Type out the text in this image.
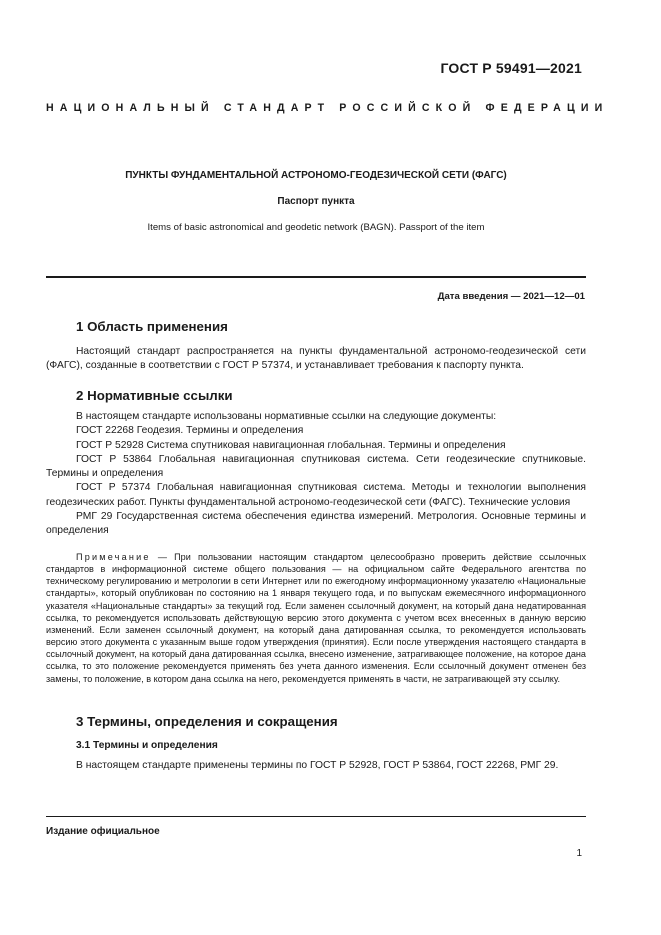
ГОСТ Р 59491—2021
НАЦИОНАЛЬНЫЙ СТАНДАРТ РОССИЙСКОЙ ФЕДЕРАЦИИ
ПУНКТЫ ФУНДАМЕНТАЛЬНОЙ АСТРОНОМО-ГЕОДЕЗИЧЕСКОЙ СЕТИ (ФАГС)
Паспорт пункта
Items of basic astronomical and geodetic network (BAGN). Passport of the item
Дата введения — 2021—12—01
1 Область применения
Настоящий стандарт распространяется на пункты фундаментальной астрономо-геодезической сети (ФАГС), созданные в соответствии с ГОСТ Р 57374, и устанавливает требования к паспорту пункта.
2 Нормативные ссылки
В настоящем стандарте использованы нормативные ссылки на следующие документы:
ГОСТ 22268 Геодезия. Термины и определения
ГОСТ Р 52928 Система спутниковая навигационная глобальная. Термины и определения
ГОСТ Р 53864 Глобальная навигационная спутниковая система. Сети геодезические спутниковые. Термины и определения
ГОСТ Р 57374 Глобальная навигационная спутниковая система. Методы и технологии выполнения геодезических работ. Пункты фундаментальной астрономо-геодезической сети (ФАГС). Технические условия
РМГ 29 Государственная система обеспечения единства измерений. Метрология. Основные термины и определения
Примечание — При пользовании настоящим стандартом целесообразно проверить действие ссылочных стандартов в информационной системе общего пользования — на официальном сайте Федерального агентства по техническому регулированию и метрологии в сети Интернет или по ежегодному информационному указателю «Национальные стандарты», который опубликован по состоянию на 1 января текущего года, и по выпускам ежемесячного информационного указателя «Национальные стандарты» за текущий год. Если заменен ссылочный документ, на который дана недатированная ссылка, то рекомендуется использовать действующую версию этого документа с учетом всех внесенных в данную версию изменений. Если заменен ссылочный документ, на который дана датированная ссылка, то рекомендуется использовать версию этого документа с указанным выше годом утверждения (принятия). Если после утверждения настоящего стандарта в ссылочный документ, на который дана датированная ссылка, внесено изменение, затрагивающее положение, на которое дана ссылка, то это положение рекомендуется применять без учета данного изменения. Если ссылочный документ отменен без замены, то положение, в котором дана ссылка на него, рекомендуется применять в части, не затрагивающей эту ссылку.
3 Термины, определения и сокращения
3.1 Термины и определения
В настоящем стандарте применены термины по ГОСТ Р 52928, ГОСТ Р 53864, ГОСТ 22268, РМГ 29.
Издание официальное
1
